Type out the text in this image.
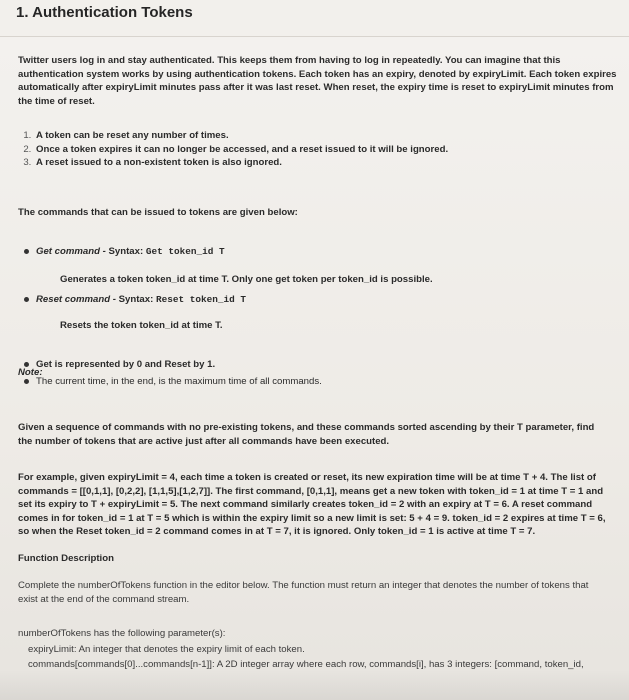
1. Authentication Tokens

Twitter users log in and stay authenticated. This keeps them from having to log in repeatedly. You can imagine that this authentication system works by using authentication tokens. Each token has an expiry, denoted by expiryLimit. Each token expires automatically after expiryLimit minutes pass after it was last reset. When reset, the expiry time is reset to expiryLimit minutes from the time of reset.

1. A token can be reset any number of times.
2. Once a token expires it can no longer be accessed, and a reset issued to it will be ignored.
3. A reset issued to a non-existent token is also ignored.

The commands that can be issued to tokens are given below:

Get command - Syntax: Get token_id T
Generates a token token_id at time T. Only one get token per token_id is possible.
Reset command - Syntax: Reset token_id T
Resets the token token_id at time T.
Note:
Get is represented by 0 and Reset by 1.
The current time, in the end, is the maximum time of all commands.

Given a sequence of commands with no pre-existing tokens, and these commands sorted ascending by their T parameter, find the number of tokens that are active just after all commands have been executed.

For example, given expiryLimit = 4, each time a token is created or reset, its new expiration time will be at time T + 4. The list of commands = [[0,1,1], [0,2,2], [1,1,5],[1,2,7]]. The first command, [0,1,1], means get a new token with token_id = 1 at time T = 1 and set its expiry to T + expiryLimit = 5. The next command similarly creates token_id = 2 with an expiry at T = 6. A reset command comes in for token_id = 1 at T = 5 which is within the expiry limit so a new limit is set: 5 + 4 = 9. token_id = 2 expires at time T = 6, so when the Reset token_id = 2 command comes in at T = 7, it is ignored. Only token_id = 1 is active at time T = 7.

Function Description

Complete the numberOfTokens function in the editor below. The function must return an integer that denotes the number of tokens that exist at the end of the command stream.

numberOfTokens has the following parameter(s):
expiryLimit: An integer that denotes the expiry limit of each token.
commands[commands[0]...commands[n-1]]: A 2D integer array where each row, commands[i], has 3 integers: [command, token_id,
